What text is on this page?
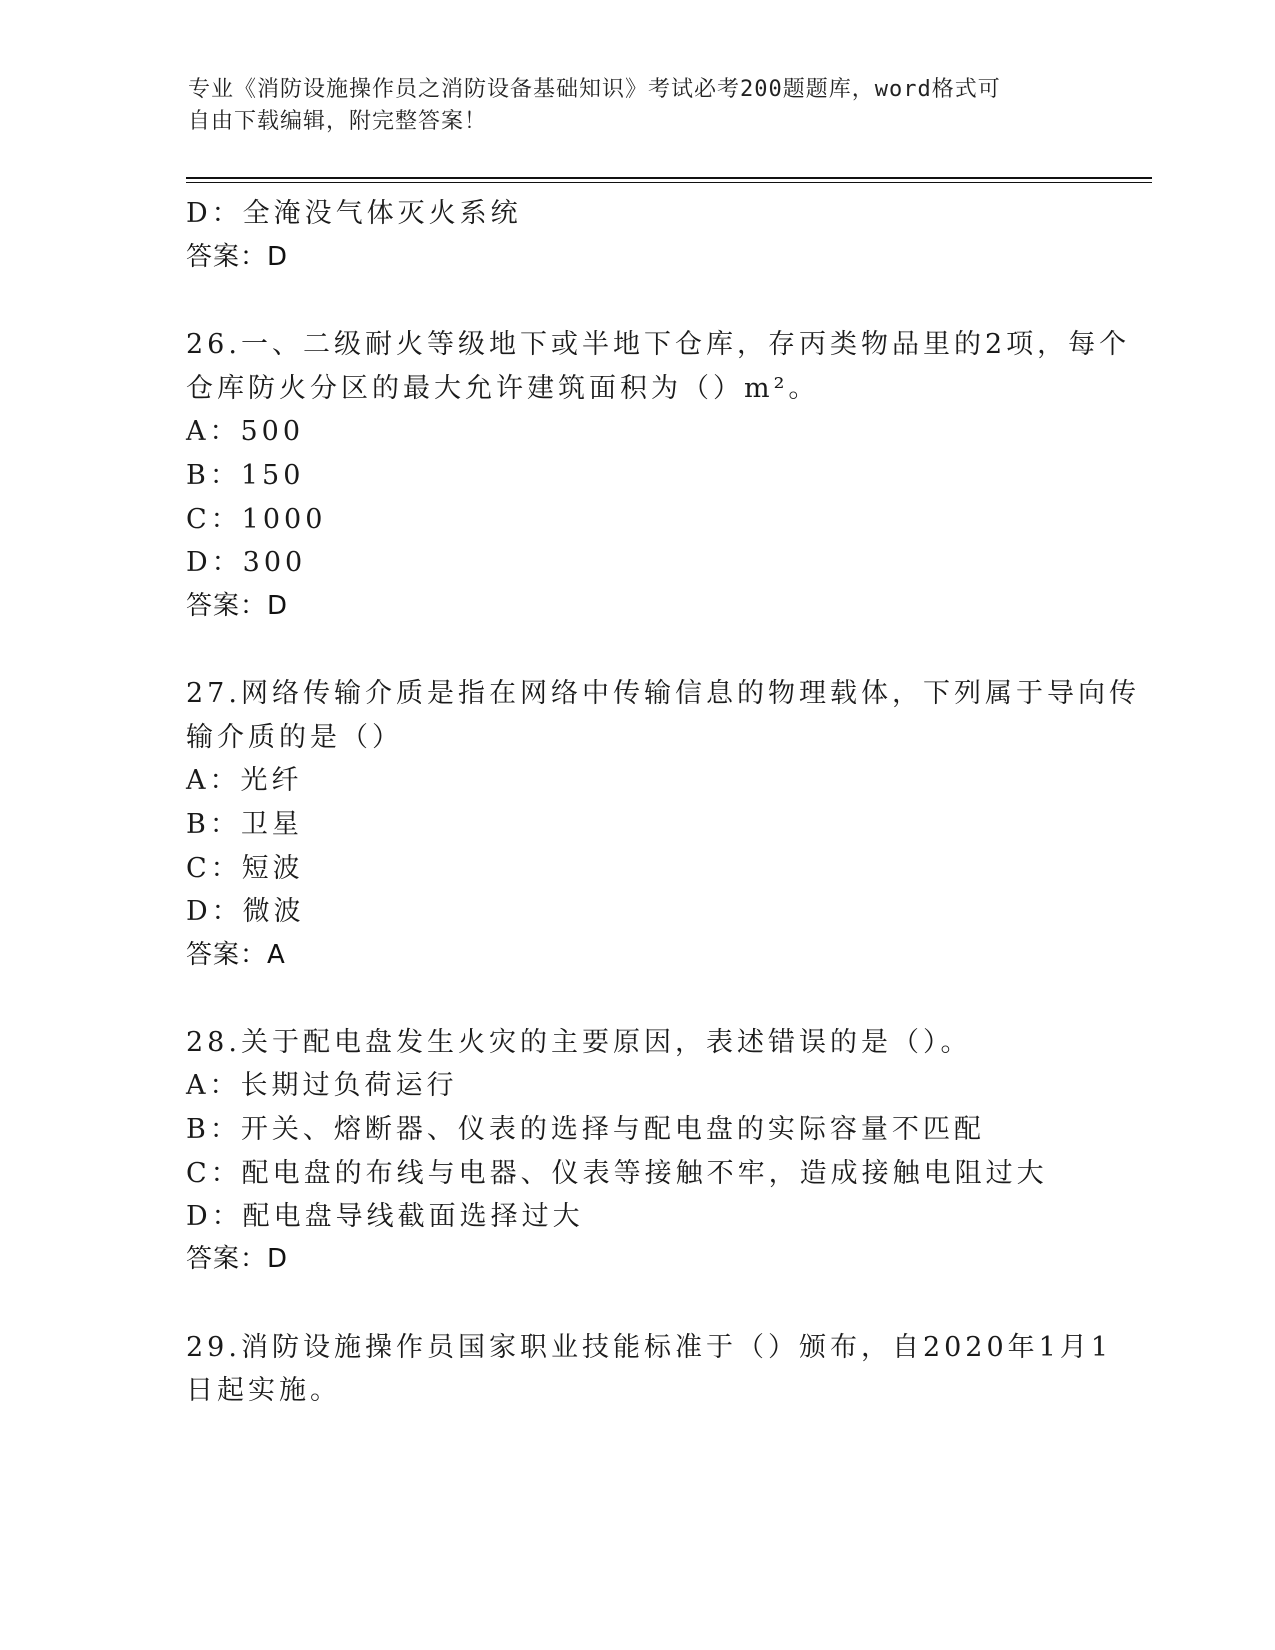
专业《消防设施操作员之消防设备基础知识》考试必考200题题库，word格式可
自由下载编辑，附完整答案！
D：全淹没气体灭火系统
答案：D
26.一、二级耐火等级地下或半地下仓库，存丙类物品里的2项，每个
仓库防火分区的最大允许建筑面积为（）m²。
A：500
B：150
C：1000
D：300
答案：D
27.网络传输介质是指在网络中传输信息的物理载体，下列属于导向传
输介质的是（）
A：光纤
B：卫星
C：短波
D：微波
答案：A
28.关于配电盘发生火灾的主要原因，表述错误的是（）。
A：长期过负荷运行
B：开关、熔断器、仪表的选择与配电盘的实际容量不匹配
C：配电盘的布线与电器、仪表等接触不牢，造成接触电阻过大
D：配电盘导线截面选择过大
答案：D
29.消防设施操作员国家职业技能标准于（）颁布，自2020年1月1
日起实施。
